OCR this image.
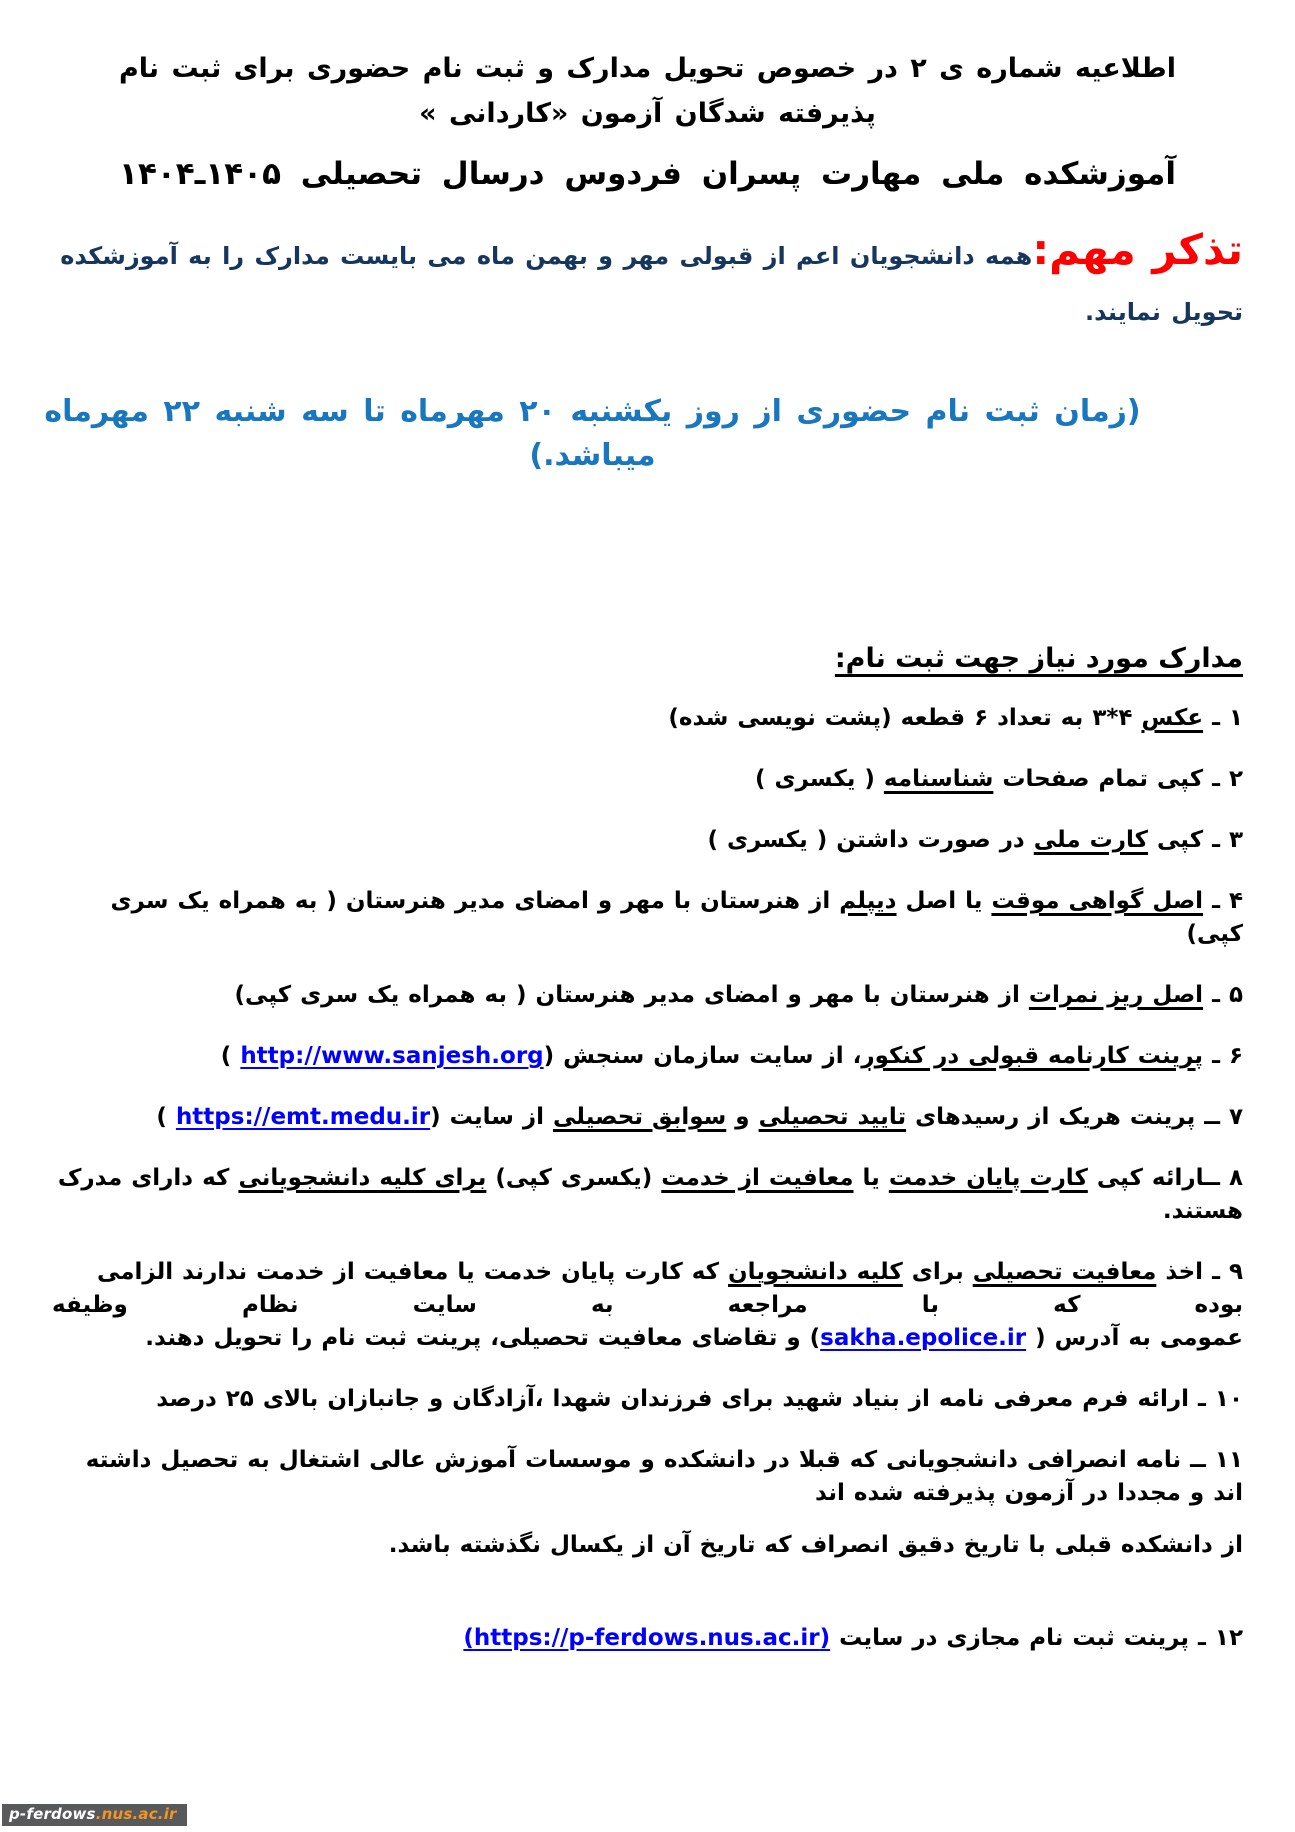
اطلاعیه شماره ی ۲ در خصوص تحویل مدارک و ثبت نام حضوری برای ثبت نام
پذیرفته شدگان آزمون «کاردانی »
آموزشکده ملی مهارت پسران فردوس درسال تحصیلی ۱۴۰۵ـ۱۴۰۴
تذکر مهم:همه دانشجویان اعم از قبولی مهر و بهمن ماه می بایست مدارک را به آموزشکده تحویل نمایند.
(زمان ثبت نام حضوری از روز یکشنبه ۲۰ مهرماه تا سه شنبه ۲۲ مهرماه میباشد.)
مدارک مورد نیاز جهت ثبت نام:
۱ ـ عکس ۴*۳ به تعداد ۶ قطعه (پشت نویسی شده)
۲ ـ کپی تمام صفحات شناسنامه ( یکسری )
۳ ـ کپی کارت ملی در صورت داشتن ( یکسری )
۴ ـ اصل گواهی موقت یا اصل دیپلم از هنرستان با مهر و امضای مدیر هنرستان ( به همراه یک سری کپی)
۵ ـ اصل ریز نمرات از هنرستان با مهر و امضای مدیر هنرستان ( به همراه یک سری کپی)
۶ ـ پرینت کارنامه قبولی در کنکور، از سایت سازمان سنجش (http://www.sanjesh.org )
۷ ــ پرینت هریک از رسیدهای تایید تحصیلی و سوابق تحصیلی از سایت (https://emt.medu.ir )
۸ ــارائه کپی کارت پایان خدمت یا معافیت از خدمت (یکسری کپی) برای کلیه دانشجویانی که دارای مدرک هستند.
۹ ـ اخذ معافیت تحصیلی برای کلیه دانشجویان که کارت پایان خدمت یا معافیت از خدمت ندارند الزامی بوده که با مراجعه به سایت نظام وظیفه
عمومی به آدرس ( sakha.epolice.ir) و تقاضای معافیت تحصیلی، پرینت ثبت نام را تحویل دهند.
۱۰ ـ ارائه فرم معرفی نامه از بنیاد شهید برای فرزندان شهدا ،آزادگان و جانبازان بالای ۲۵ درصد
۱۱ ــ نامه انصرافی دانشجویانی که قبلا در دانشکده و موسسات آموزش عالی اشتغال به تحصیل داشته اند و مجددا در آزمون پذیرفته شده اند
از دانشکده قبلی با تاریخ دقیق انصراف که تاریخ آن از یکسال نگذشته باشد.
۱۲ ـ پرینت ثبت نام مجازی در سایت (https://p-ferdows.nus.ac.ir)
p-ferdows.nus.ac.ir
